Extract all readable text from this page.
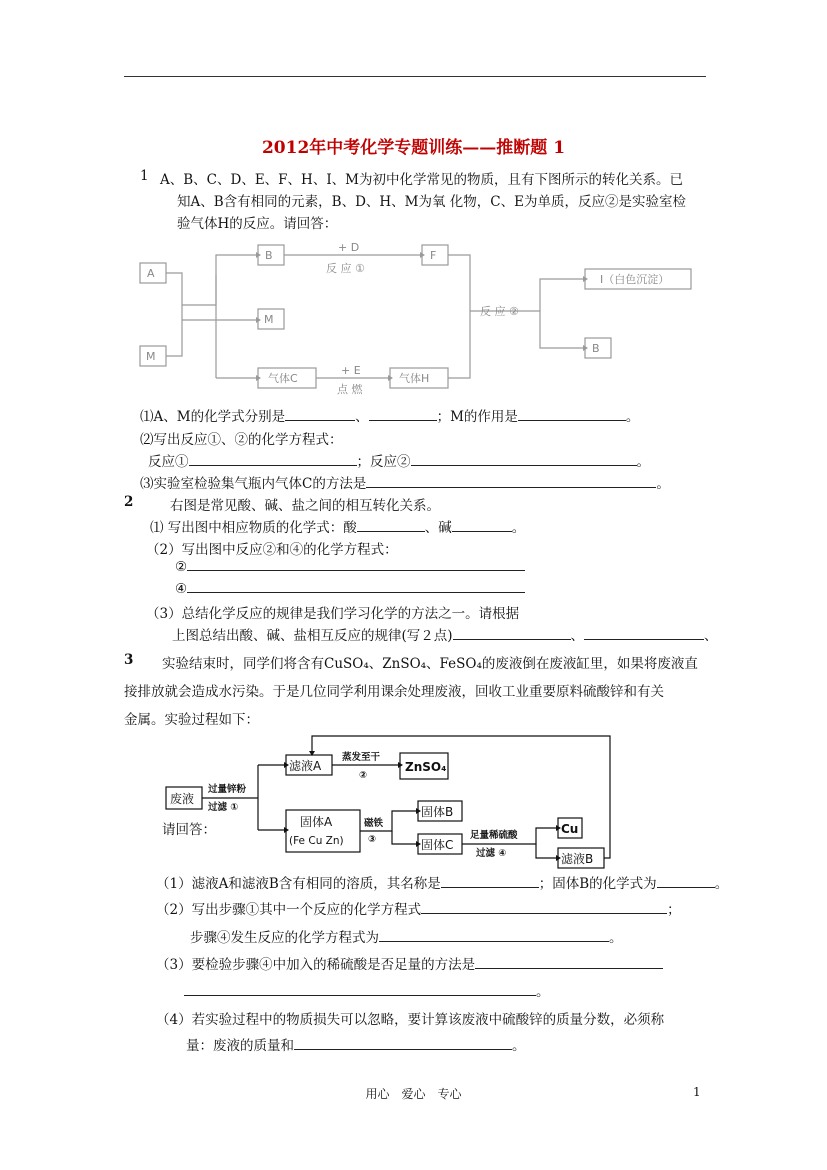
2012年中考化学专题训练——推断题 1
1 A、B、C、D、E、F、H、I、M为初中化学常见的物质，且有下图所示的转化关系。已
知A、B含有相同的元素，B、D、H、M为氧 化物，C、E为单质，反应②是实验室检
验气体H的反应。请回答：
A
M
B
M
气体C
F
气体H
I（白色沉淀）
B
+ D
反 应 ①
反 应 ②
+ E
点 燃
⑴A、M的化学式分别是	、	；M的作用是	。
⑵写出反应①、②的化学方程式：
反应①	；反应②	。
⑶实验室检验集气瓶内气体C的方法是	。
2	右图是常见酸、碱、盐之间的相互转化关系。
⑴ 写出图中相应物质的化学式：酸	、碱	。
（2）写出图中反应②和④的化学方程式：
②
④
（3）总结化学反应的规律是我们学习化学的方法之一。请根据
上图总结出酸、碱、盐相互反应的规律(写２点)	、	、
3 实验结束时，同学们将含有CuSO₄、ZnSO₄、FeSO₄的废液倒在废液缸里，如果将废液直
接排放就会造成水污染。于是几位同学利用课余处理废液，回收工业重要原料硫酸锌和有关
金属。实验过程如下：
废液
滤液A	ZnSO₄
固体A
(Fe Cu Zn)
固体B
固体C
Cu
滤液B
过量锌粉
过滤 ①
蒸发至干
②
磁铁
③	足量稀硫酸
过滤 ④
请回答：
（1）滤液A和滤液B含有相同的溶质，其名称是	；固体B的化学式为	。
（2）写出步骤①其中一个反应的化学方程式	；
步骤④发生反应的化学方程式为	。
（3）要检验步骤④中加入的稀硫酸是否足量的方法是
。
（4）若实验过程中的物质损失可以忽略，要计算该废液中硫酸锌的质量分数，必须称
量：废液的质量和	。
用心　爱心　专心	1
